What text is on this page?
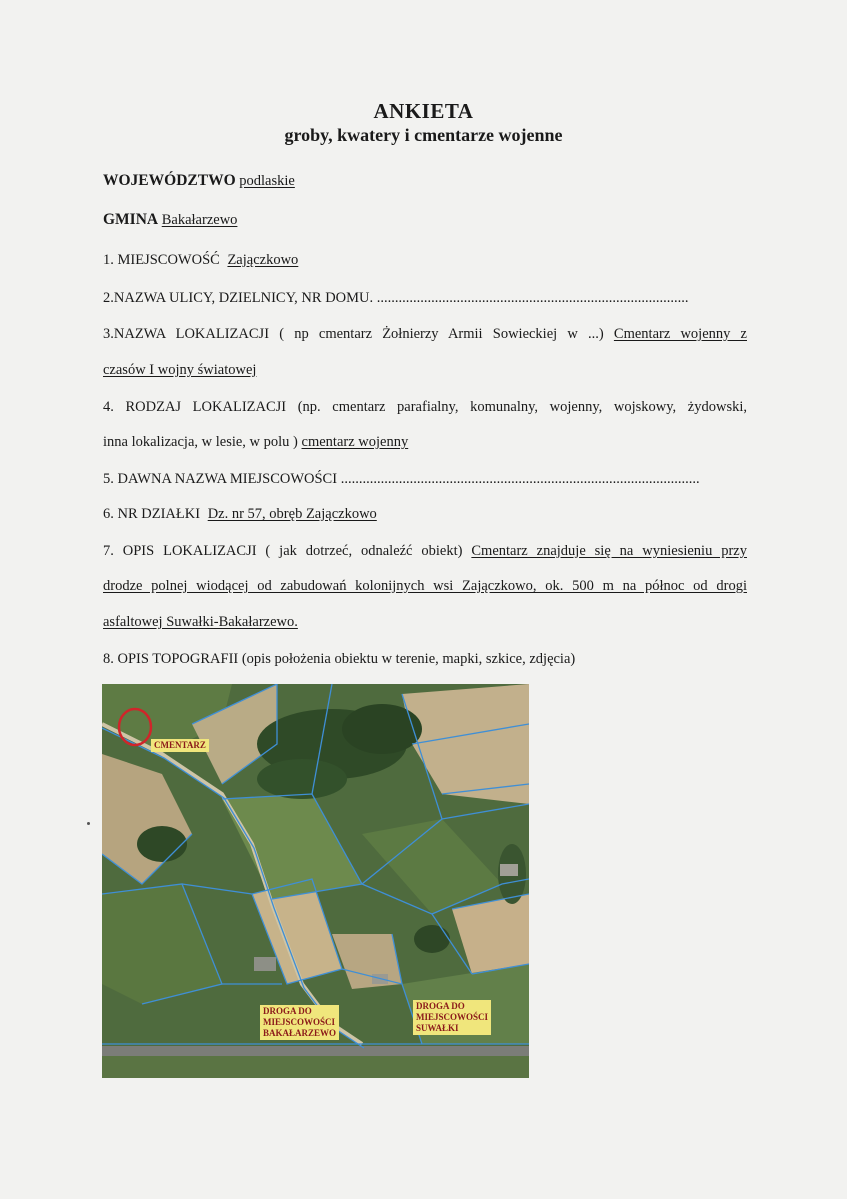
ANKIETA
groby, kwatery i cmentarze wojenne
WOJEWÓDZTWO podlaskie
GMINA Bakałarzewo
1. MIEJSCOWOŚĆ Zajączkowo
2.NAZWA ULICY, DZIELNICY, NR DOMU. ......................................................................................
3.NAZWA LOKALIZACJI ( np cmentarz Żołnierzy Armii Sowieckiej w ...) Cmentarz wojenny z
czasów I wojny światowej
4. RODZAJ LOKALIZACJI (np. cmentarz parafialny, komunalny, wojenny, wojskowy, żydowski,
inna lokalizacja, w lesie, w polu ) cmentarz wojenny
5. DAWNA NAZWA MIEJSCOWOŚCI ...................................................................................................
6. NR DZIAŁKI Dz. nr 57, obręb Zajączkowo
7. OPIS LOKALIZACJI ( jak dotrzeć, odnaleźć obiekt) Cmentarz znajduje się na wyniesieniu przy
drodze polnej wiodącej od zabudowań kolonijnych wsi Zajączkowo, ok. 500 m na północ od drogi
asfaltowej Suwałki-Bakałarzewo.
8. OPIS TOPOGRAFII (opis położenia obiektu w terenie, mapki, szkice, zdjęcia)
CMENTARZ
DROGA DO
MIEJSCOWOŚCI
BAKAŁARZEWO
DROGA DO
MIEJSCOWOŚCI
SUWAŁKI
